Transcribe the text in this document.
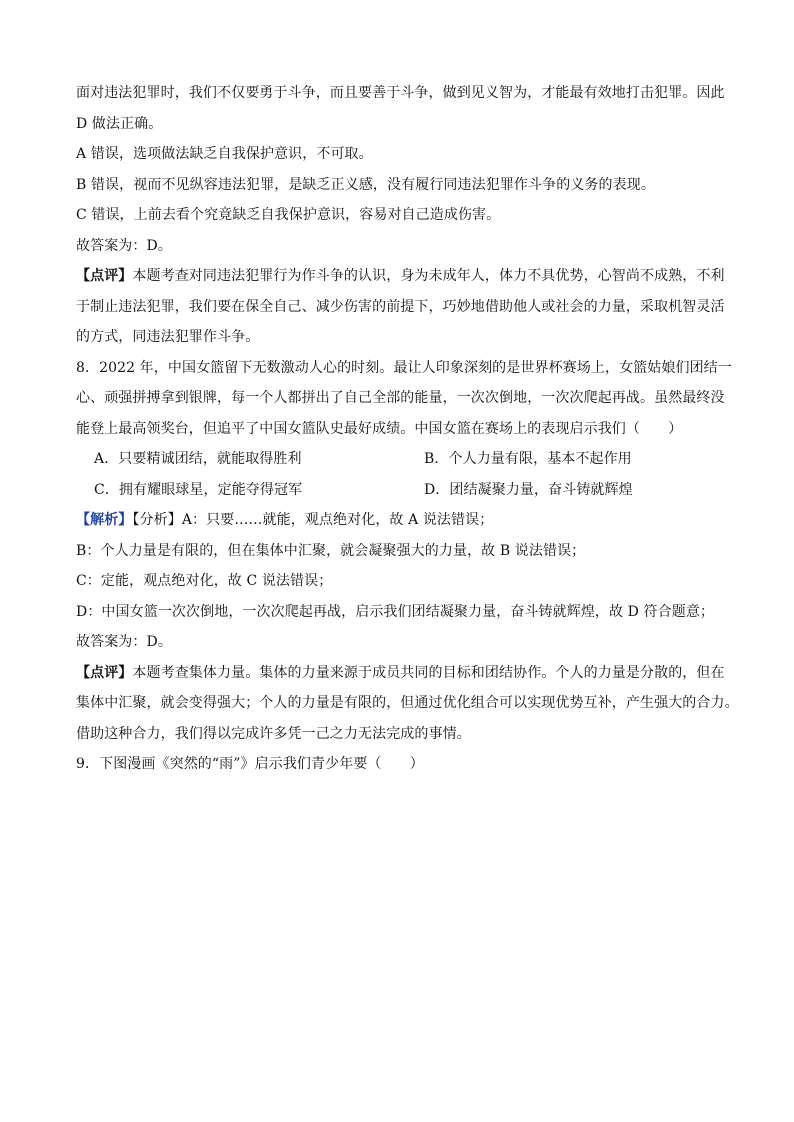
面对违法犯罪时，我们不仅要勇于斗争，而且要善于斗争，做到见义智为，才能最有效地打击犯罪。因此

D 做法正确。

A 错误，选项做法缺乏自我保护意识，不可取。

B 错误，视而不见纵容违法犯罪，是缺乏正义感，没有履行同违法犯罪作斗争的义务的表现。

C 错误，上前去看个究竟缺乏自我保护意识，容易对自己造成伤害。

故答案为：D。

【点评】本题考查对同违法犯罪行为作斗争的认识，身为未成年人，体力不具优势，心智尚不成熟，不利

于制止违法犯罪，我们要在保全自己、减少伤害的前提下，巧妙地借助他人或社会的力量，采取机智灵活

的方式，同违法犯罪作斗争。

8．2022 年，中国女篮留下无数激动人心的时刻。最让人印象深刻的是世界杯赛场上，女篮姑娘们团结一

心、顽强拼搏拿到银牌，每一个人都拼出了自己全部的能量，一次次倒地，一次次爬起再战。虽然最终没

能登上最高领奖台，但追平了中国女篮队史最好成绩。中国女篮在赛场上的表现启示我们（　　）

A．只要精诚团结，就能取得胜利	B．个人力量有限，基本不起作用
C．拥有耀眼球星，定能夺得冠军	D．团结凝聚力量，奋斗铸就辉煌

【解析】【分析】A：只要……就能，观点绝对化，故 A 说法错误；

B：个人力量是有限的，但在集体中汇聚，就会凝聚强大的力量，故 B 说法错误；

C：定能，观点绝对化，故 C 说法错误；

D：中国女篮一次次倒地，一次次爬起再战，启示我们团结凝聚力量，奋斗铸就辉煌，故 D 符合题意；

故答案为：D。

【点评】本题考查集体力量。集体的力量来源于成员共同的目标和团结协作。个人的力量是分散的，但在

集体中汇聚，就会变得强大；个人的力量是有限的，但通过优化组合可以实现优势互补，产生强大的合力。

借助这种合力，我们得以完成许多凭一己之力无法完成的事情。

9．下图漫画《突然的“雨”》启示我们青少年要（　　）
